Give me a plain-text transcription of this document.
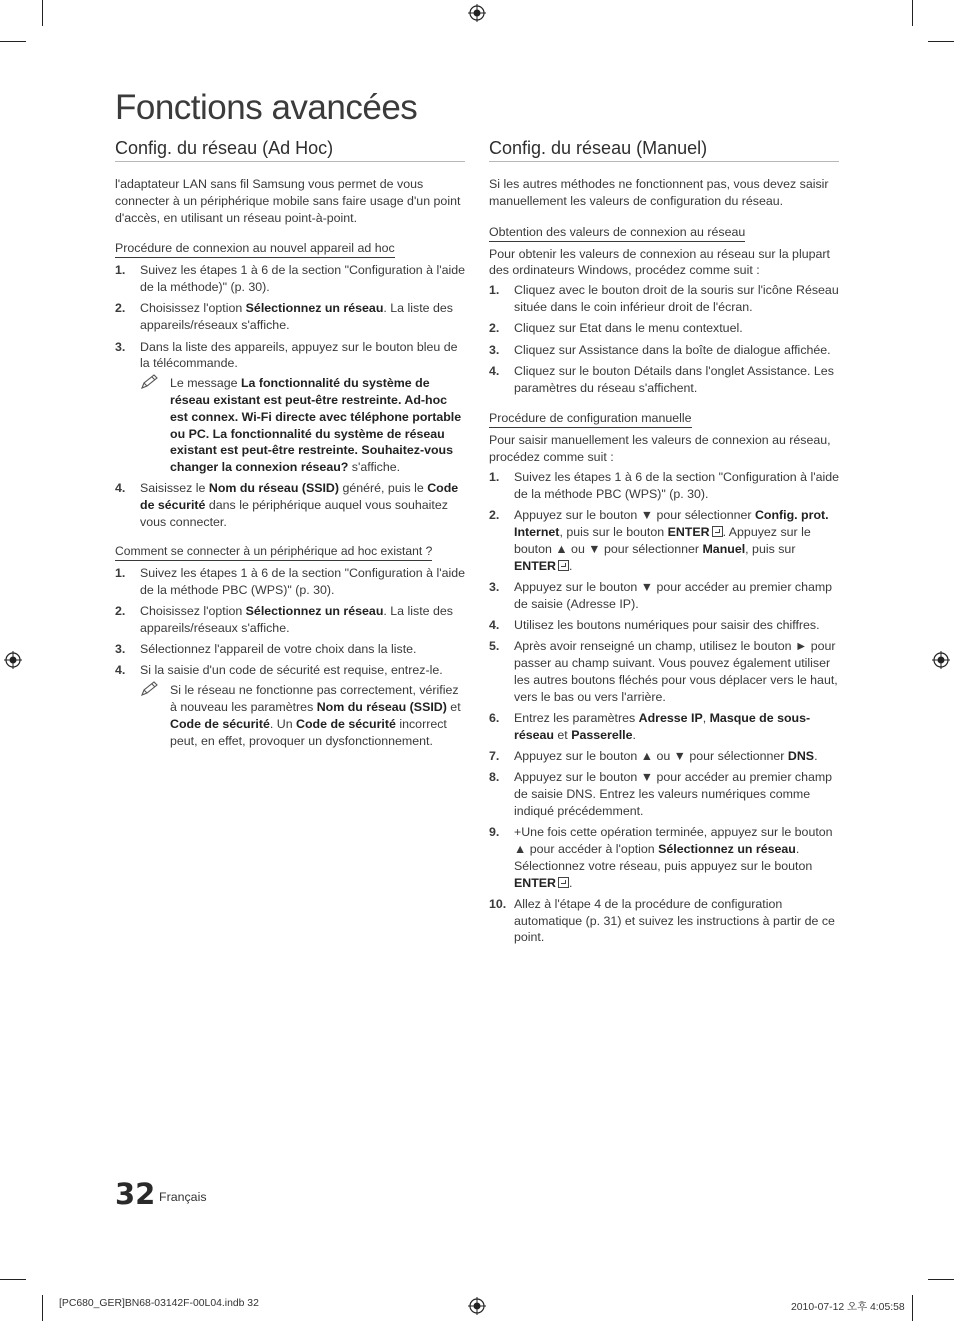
Fonctions avancées
Config. du réseau (Ad Hoc)

l'adaptateur LAN sans fil Samsung vous permet de vous connecter à un périphérique mobile sans faire usage d'un point d'accès, en utilisant un réseau point-à-point.

Procédure de connexion au nouvel appareil ad hoc
1. Suivez les étapes 1 à 6 de la section "Configuration à l'aide de la méthode)" (p. 30).
2. Choisissez l'option Sélectionnez un réseau. La liste des appareils/réseaux s'affiche.
3. Dans la liste des appareils, appuyez sur le bouton bleu de la télécommande.
Le message La fonctionnalité du système de réseau existant est peut-être restreinte. Ad-hoc est connex. Wi-Fi directe avec téléphone portable ou PC. La fonctionnalité du système de réseau existant est peut-être restreinte. Souhaitez-vous changer la connexion réseau? s'affiche.
4. Saisissez le Nom du réseau (SSID) généré, puis le Code de sécurité dans le périphérique auquel vous souhaitez vous connecter.
Comment se connecter à un périphérique ad hoc existant ?
1. Suivez les étapes 1 à 6 de la section "Configuration à l'aide de la méthode PBC (WPS)" (p. 30).
2. Choisissez l'option Sélectionnez un réseau. La liste des appareils/réseaux s'affiche.
3. Sélectionnez l'appareil de votre choix dans la liste.
4. Si la saisie d'un code de sécurité est requise, entrez-le.
Si le réseau ne fonctionne pas correctement, vérifiez à nouveau les paramètres Nom du réseau (SSID) et Code de sécurité. Un Code de sécurité incorrect peut, en effet, provoquer un dysfonctionnement.
Config. du réseau (Manuel)

Si les autres méthodes ne fonctionnent pas, vous devez saisir manuellement les valeurs de configuration du réseau.

Obtention des valeurs de connexion au réseau

Pour obtenir les valeurs de connexion au réseau sur la plupart des ordinateurs Windows, procédez comme suit :

1. Cliquez avec le bouton droit de la souris sur l'icône Réseau située dans le coin inférieur droit de l'écran.
2. Cliquez sur Etat dans le menu contextuel.
3. Cliquez sur Assistance dans la boîte de dialogue affichée.
4. Cliquez sur le bouton Détails dans l'onglet Assistance. Les paramètres du réseau s'affichent.
Procédure de configuration manuelle

Pour saisir manuellement les valeurs de connexion au réseau, procédez comme suit :

1. Suivez les étapes 1 à 6 de la section "Configuration à l'aide de la méthode PBC (WPS)" (p. 30).
2. Appuyez sur le bouton ▼ pour sélectionner Config. prot. Internet, puis sur le bouton ENTER . Appuyez sur le bouton ▲ ou ▼ pour sélectionner Manuel, puis sur ENTER .
3. Appuyez sur le bouton ▼ pour accéder au premier champ de saisie (Adresse IP).
4. Utilisez les boutons numériques pour saisir des chiffres.
5. Après avoir renseigné un champ, utilisez le bouton ► pour passer au champ suivant. Vous pouvez également utiliser les autres boutons fléchés pour vous déplacer vers le haut, vers le bas ou vers l'arrière.
6. Entrez les paramètres Adresse IP, Masque de sous-réseau et Passerelle.
7. Appuyez sur le bouton ▲ ou ▼ pour sélectionner DNS.
8. Appuyez sur le bouton ▼ pour accéder au premier champ de saisie DNS. Entrez les valeurs numériques comme indiqué précédemment.
9. +Une fois cette opération terminée, appuyez sur le bouton ▲ pour accéder à l'option Sélectionnez un réseau. Sélectionnez votre réseau, puis appuyez sur le bouton ENTER .
10. Allez à l'étape 4 de la procédure de configuration automatique (p. 31) et suivez les instructions à partir de ce point.
32 Français
[PC680_GER]BN68-03142F-00L04.indb 32	2010-07-12 오후 4:05:58
